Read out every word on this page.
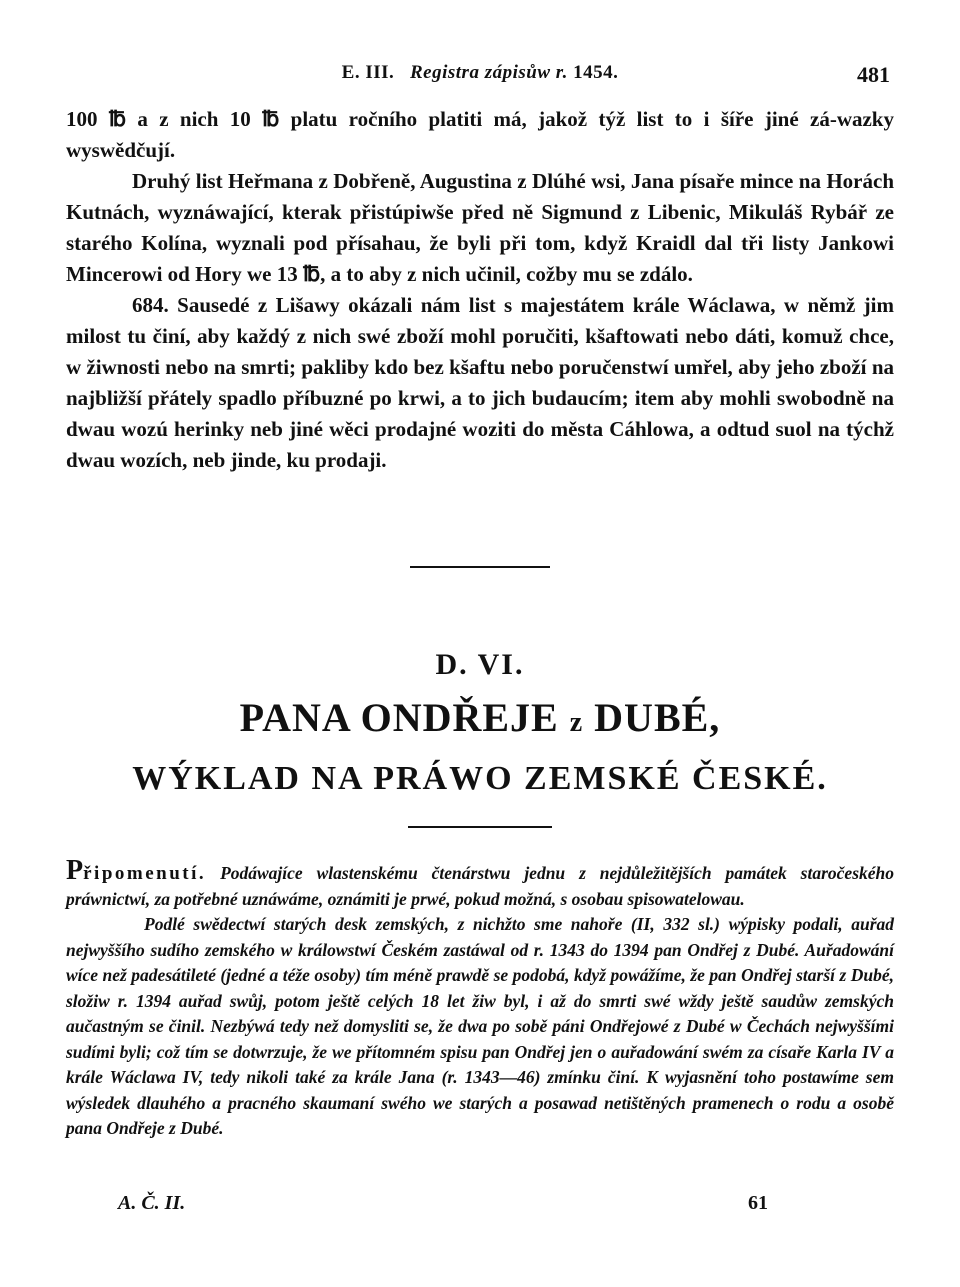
E. III. Registra zápisůw r. 1454.	481

100 ℔ a z nich 10 ℔ platu ročního platiti má, jakož týž list to i šíře jiné zá-wazky wyswědčují.

Druhý list Heřmana z Dobřeně, Augustina z Dlúhé wsi, Jana písaře mince na Horách Kutnách, wyznáwající, kterak přistúpiwše před ně Sigmund z Libenic, Mikuláš Rybář ze starého Kolína, wyznali pod přísahau, že byli při tom, když Kraidl dal tři listy Jankowi Mincerowi od Hory we 13 ℔, a to aby z nich učinil, cožby mu se zdálo.

684. Sausedé z Lišawy okázali nám list s majestátem krále Wáclawa, w němž jim milost tu činí, aby každý z nich swé zboží mohl poručiti, kšaftowati nebo dáti, komuž chce, w žiwnosti nebo na smrti; pakliby kdo bez kšaftu nebo poručenstwí umřel, aby jeho zboží na najbližší přátely spadlo příbuzné po krwi, a to jich budaucím; item aby mohli swobodně na dwau wozú herinky neb jiné wěci prodajné woziti do města Cáhlowa, a odtud suol na týchž dwau wozích, neb jinde, ku prodaji.

D. VI.
PANA ONDŘEJE z DUBÉ,
WÝKLAD NA PRÁWO ZEMSKÉ ČESKÉ.

Připomenutí. Podáwajíce wlastenskému čtenárstwu jednu z nejdůležitějších památek staročeského práwnictwí, za potřebné uznáwáme, oznámiti je prwé, pokud možná, s osobau spisowatelowau.

Podlé swědectwí starých desk zemských, z nichžto sme nahoře (II, 332 sl.) wýpisky podali, auřad nejwyššího sudího zemského w králowstwí Českém zastáwal od r. 1343 do 1394 pan Ondřej z Dubé. Auřadowání wíce než padesátileté (jedné a téže osoby) tím méně prawdě se podobá, když powážíme, že pan Ondřej starší z Dubé, složiw r. 1394 auřad swůj, potom ještě celých 18 let žiw byl, i až do smrti swé wždy ještě saudůw zemských aučastným se činil. Nezbýwá tedy než domysliti se, že dwa po sobě páni Ondřejowé z Dubé w Čechách nejwyššími sudími byli; což tím se dotwrzuje, že we přítomném spisu pan Ondřej jen o auřadowání swém za císaře Karla IV a krále Wáclawa IV, tedy nikoli také za krále Jana (r. 1343—46) zmínku činí. K wyjasnění toho postawíme sem wýsledek dlauhého a pracného skaumaní swého we starých a posawad netištěných pramenech o rodu a osobě pana Ondřeje z Dubé.

A. Č. II.	61
